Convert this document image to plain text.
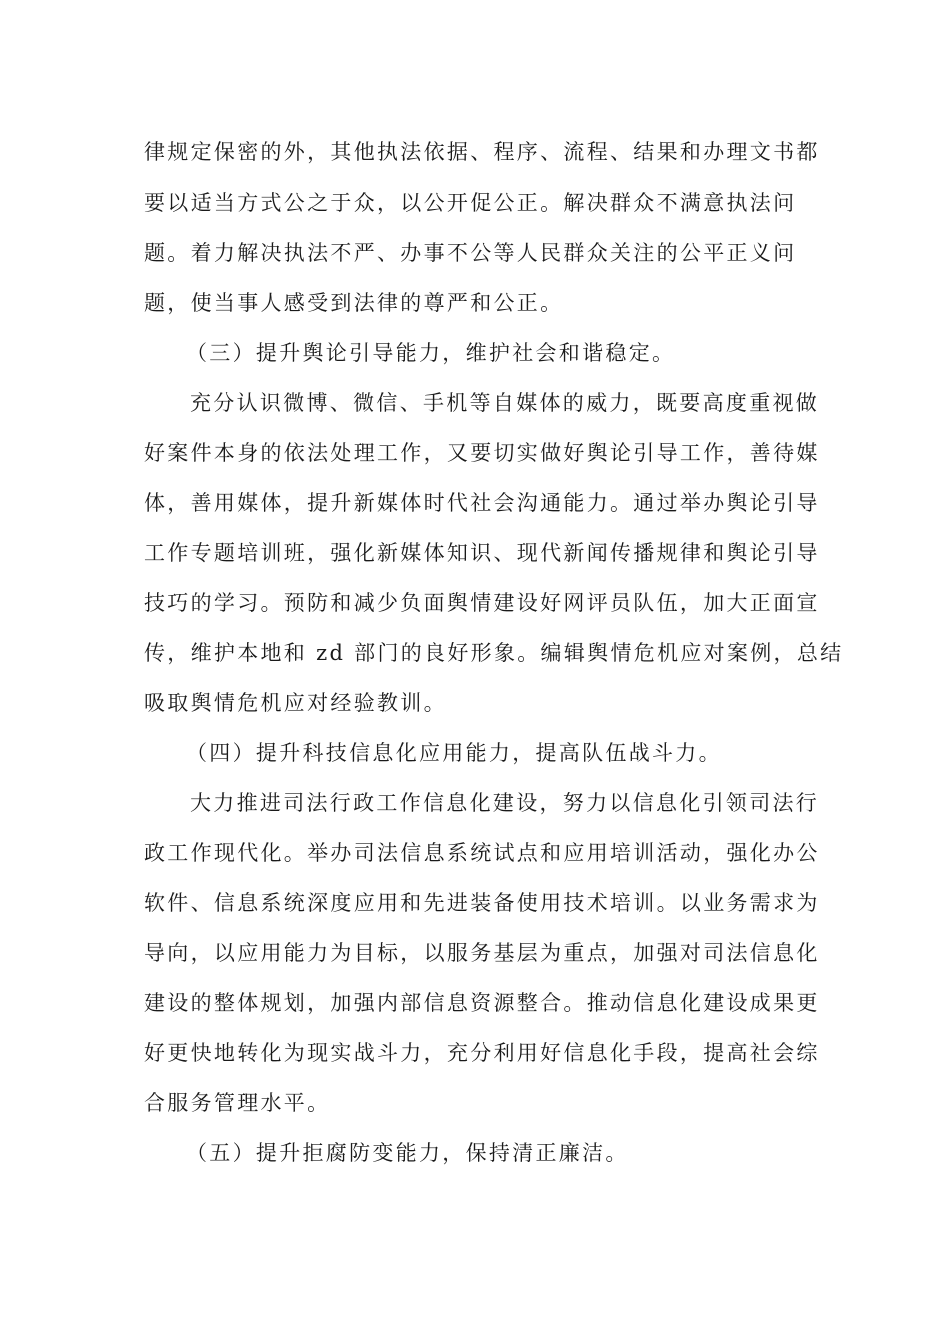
律规定保密的外，其他执法依据、程序、流程、结果和办理文书都
要以适当方式公之于众，以公开促公正。解决群众不满意执法问
题。着力解决执法不严、办事不公等人民群众关注的公平正义问
题，使当事人感受到法律的尊严和公正。
（三）提升舆论引导能力，维护社会和谐稳定。
充分认识微博、微信、手机等自媒体的威力，既要高度重视做
好案件本身的依法处理工作，又要切实做好舆论引导工作，善待媒
体，善用媒体，提升新媒体时代社会沟通能力。通过举办舆论引导
工作专题培训班，强化新媒体知识、现代新闻传播规律和舆论引导
技巧的学习。预防和减少负面舆情建设好网评员队伍，加大正面宣
传，维护本地和 zd 部门的良好形象。编辑舆情危机应对案例，总结
吸取舆情危机应对经验教训。
（四）提升科技信息化应用能力，提高队伍战斗力。
大力推进司法行政工作信息化建设，努力以信息化引领司法行
政工作现代化。举办司法信息系统试点和应用培训活动，强化办公
软件、信息系统深度应用和先进装备使用技术培训。以业务需求为
导向，以应用能力为目标，以服务基层为重点，加强对司法信息化
建设的整体规划，加强内部信息资源整合。推动信息化建设成果更
好更快地转化为现实战斗力，充分利用好信息化手段，提高社会综
合服务管理水平。
（五）提升拒腐防变能力，保持清正廉洁。
